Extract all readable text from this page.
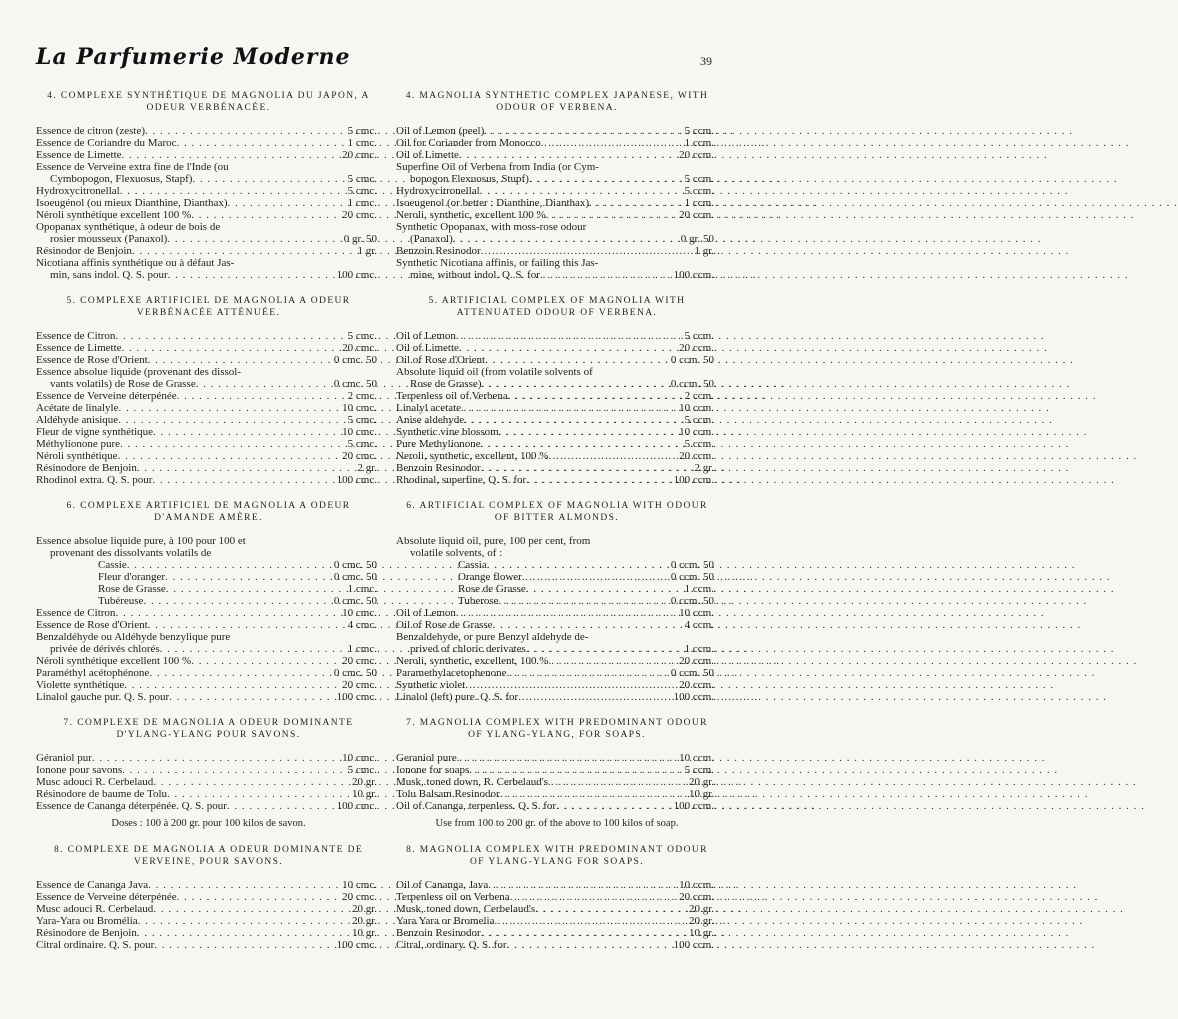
La Parfumerie Moderne	39
4. COMPLEXE SYNTHÉTIQUE DE MAGNOLIA DU JAPON, A ODEUR VERBÉNACÉE.
Essence de citron (zeste) . . .	5 cmc.
Essence de Coriandre du Maroc . . .	1 cmc.
Essence de Limette . . .	20 cmc.
Essence de Verveine extra fine de l'Inde (ou
Cymbopogon, Flexuosus, Stapf) . . .	5 cmc.
Hydroxycitronellal . . .	5 cmc.
Isoeugénol (ou mieux Dianthine, Dianthax) . . .	1 cmc.
Néroli synthétique excellent 100 % . . .	20 cmc.
Opopanax synthétique, à odeur de bois de
rosier mousseux (Panaxol) . . .	0 gr. 50
Résinodor de Benjoin . . .	1 gr.
Nicotiana affinis synthétique ou à défaut Jas-
min, sans indol. Q. S. pour . . .	100 cmc.
5. COMPLEXE ARTIFICIEL DE MAGNOLIA A ODEUR VERBÉNACÉE ATTÉNUÉE.
Essence de Citron . . .	5 cmc.
Essence de Limette . . .	20 cmc.
Essence de Rose d'Orient . . .	0 cmc. 50
Essence absolue liquide (provenant des dissol-
vants volatils) de Rose de Grasse . . .	0 cmc. 50
Essence de Verveine déterpénée . . .	2 cmc.
Acétate de linalyle . . .	10 cmc.
Aldéhyde anisique . . .	5 cmc.
Fleur de vigne synthétique . . .	10 cmc.
Méthylionone pure . . .	5 cmc.
Néroli synthétique . . .	20 cmc.
Résinodore de Benjoin . . .	2 gr.
Rhodinol extra. Q. S. pour . . .	100 cmc.
6. COMPLEXE ARTIFICIEL DE MAGNOLIA A ODEUR D'AMANDE AMÈRE.
Essence absolue liquide pure, à 100 pour 100 et
provenant des dissolvants volatils de
Cassie . . .	0 cmc. 50
Fleur d'oranger . . .	0 cmc. 50
Rose de Grasse . . .	1 cmc.
Tubéreuse . . .	0 cmc. 50
Essence de Citron . . .	10 cmc.
Essence de Rose d'Orient . . .	4 cmc.
Benzaldéhyde ou Aldéhyde benzylique pure
privée de dérivés chlorés . . .	1 cmc.
Néroli synthétique excellent 100 % . . .	20 cmc.
Paraméthyl acétophénone . . .	0 cmc. 50
Violette synthétique . . .	20 cmc.
Linalol gauche pur. Q. S. pour . . .	100 cmc.
7. COMPLEXE DE MAGNOLIA A ODEUR DOMINANTE D'YLANG-YLANG POUR SAVONS.
Géraniol pur . . .	10 cmc.
Ionone pour savons . . .	5 cmc.
Musc adouci R. Cerbelaud . . .	20 gr.
Résinodore de baume de Tolu . . .	10 gr.
Essence de Cananga déterpénée. Q. S. pour . . .	100 cmc.
Doses : 100 à 200 gr. pour 100 kilos de savon.
8. COMPLEXE DE MAGNOLIA A ODEUR DOMINANTE DE VERVEINE, POUR SAVONS.
Essence de Cananga Java . . .	10 cmc.
Essence de Verveine déterpénée . . .	20 cmc.
Musc adouci R. Cerbelaud . . .	20 gr.
Yara-Yara ou Bromélia . . .	20 gr.
Résinodore de Benjoin . . .	10 gr.
Citral ordinaire. Q. S. pour . . .	100 cmc.
4. MAGNOLIA SYNTHETIC COMPLEX JAPANESE, WITH ODOUR OF VERBENA.
Oil of Lemon (peel) . . .	5 ccm.
Oil for Coriander from Monocco . . .	1 ccm.
Oil of Limette . . .	20 ccm.
Superfine Oil of Verbena from India (or Cym-
bopogon Flexuosus, Stupf) . . .	5 ccm.
Hydroxycitronellal . . .	5 ccm.
Isoeugenol (or better : Dianthine, Dianthax) . . .	1 ccm.
Neroli, synthetic, excellent 100 % . . .	20 ccm.
Synthetic Opopanax, with moss-rose odour
(Panaxol) . . .	0 gr. 50
Benzoin Resinodor . . .	1 gr.
Synthetic Nicotiana affinis, or failing this Jas-
mine, without indol. Q. S. for . . .	100 ccm.
5. ARTIFICIAL COMPLEX OF MAGNOLIA WITH ATTENUATED ODOUR OF VERBENA.
Oil of Lemon . . .	5 ccm.
Oil of Limette . . .	20 ccm.
Oil of Rose d'Orient . . .	0 ccm. 50
Absolute liquid oil (from volatile solvents of
Rose de Grasse) . . .	0 ccm. 50
Terpenless oil of Verbena . . .	2 ccm.
Linalyl acetate . . .	10 ccm.
Anise aldehyde . . .	5 ccm.
Synthetic vine blossom . . .	10 ccm.
Pure Methylionone . . .	5 ccm.
Neroli, synthetic, excellent, 100 % . . .	20 ccm.
Benzoin Resinodor . . .	2 gr.
Rhodinal, superfine, Q. S. for . . .	100 ccm.
6. ARTIFICIAL COMPLEX OF MAGNOLIA WITH ODOUR OF BITTER ALMONDS.
Absolute liquid oil, pure, 100 per cent, from
volatile solvents, of :
Cassia . . .	0 ccm. 50
Orange flower . . .	0 ccm. 50
Rose de Grasse . . .	1 ccm.
Tuberose . . .	0 ccm. 50
Oil of Lemon . . .	10 ccm.
Oil of Rose de Grasse . . .	4 ccm.
Benzaldehyde, or pure Benzyl aldehyde de-
prived of chloric derivates . . .	1 ccm.
Neroli, synthetic, excellent, 100 % . . .	20 ccm.
Paramethylacetophenone . . .	0 ccm. 50
Synthetic violet . . .	20 ccm.
Linalol (left) pure. Q. S. for . . .	100 ccm.
7. MAGNOLIA COMPLEX WITH PREDOMINANT ODOUR OF YLANG-YLANG, FOR SOAPS.
Geraniol pure . . .	10 ccm.
Ionone for soaps . . .	5 ccm.
Musk, toned down, R. Cerbelaud's . . .	20 gr.
Tolu Balsam Resinodor . . .	10 gr.
Oil of Cananga, terpenless. Q. S. for . . .	100 ccm.
Use from 100 to 200 gr. of the above to 100 kilos of soap.
8. MAGNOLIA COMPLEX WITH PREDOMINANT ODOUR OF YLANG-YLANG FOR SOAPS.
Oil of Cananga, Java . . .	10 ccm.
Terpenless oil on Verbena . . .	20 ccm.
Musk, toned down, Cerbelaud's . . .	20 gr.
Yara Yara or Bromelia . . .	20 gr.
Benzoin Resinodor . . .	10 gr.
Citral, ordinary. Q. S. for . . .	100 ccm.
